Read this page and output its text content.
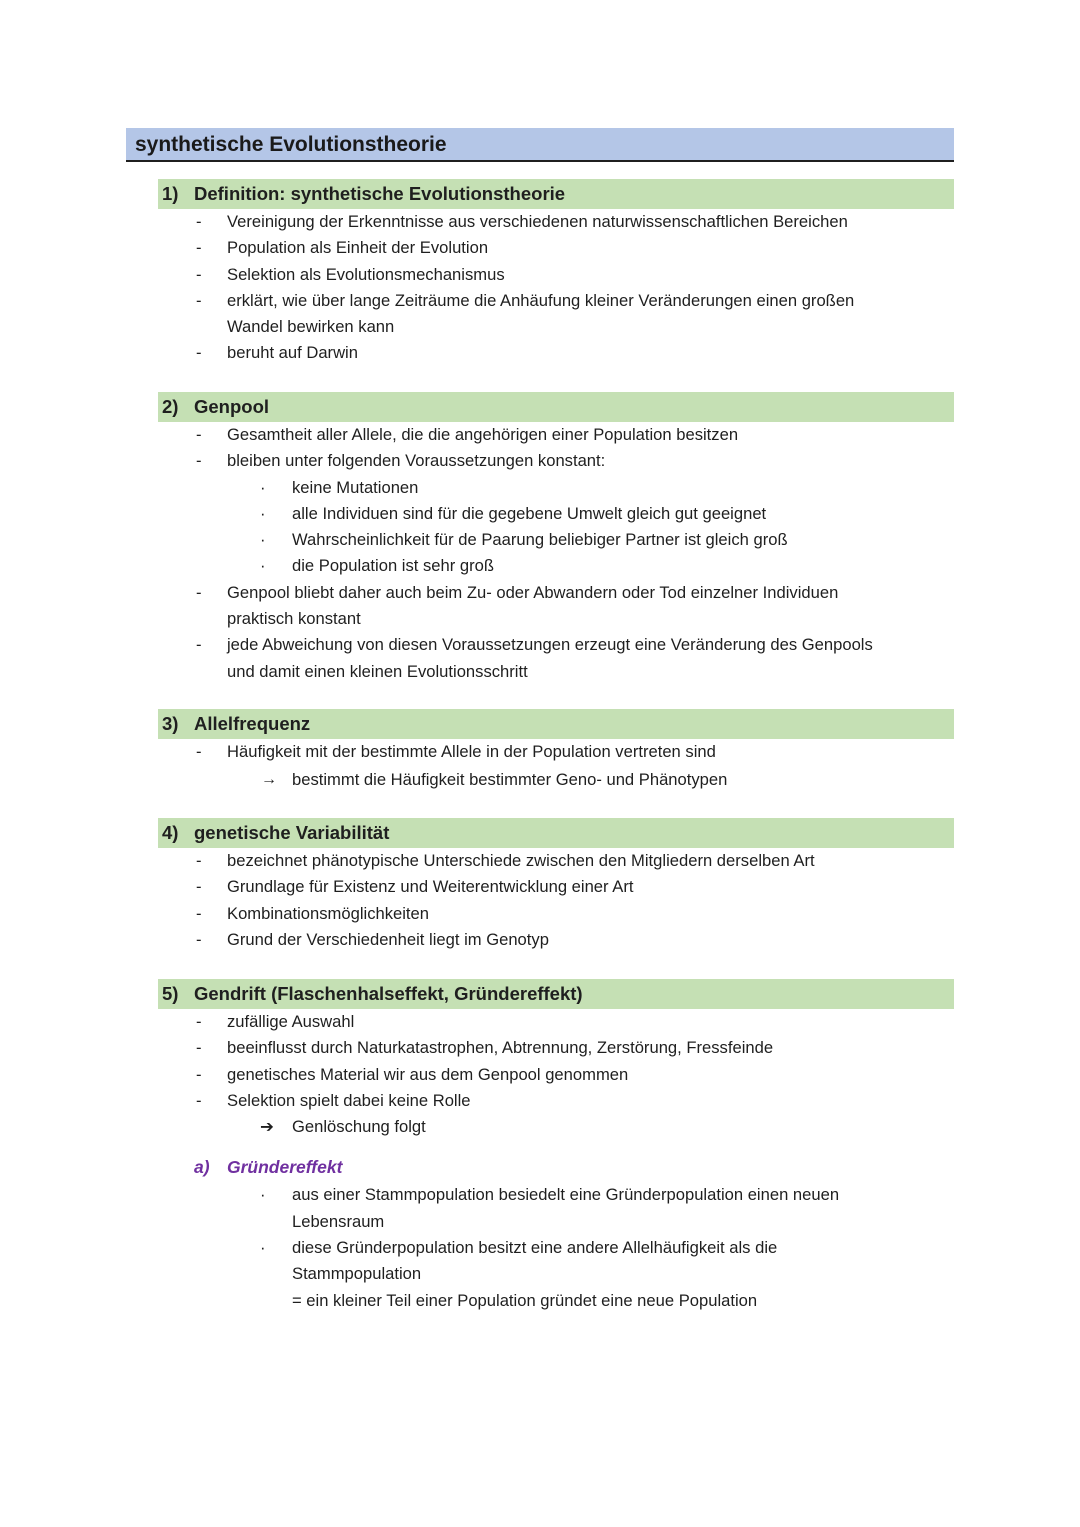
synthetische Evolutionstheorie
1) Definition: synthetische Evolutionstheorie
- Vereinigung der Erkenntnisse aus verschiedenen naturwissenschaftlichen Bereichen
- Population als Einheit der Evolution
- Selektion als Evolutionsmechanismus
- erklärt, wie über lange Zeiträume die Anhäufung kleiner Veränderungen einen großen
Wandel bewirken kann
- beruht auf Darwin
2) Genpool
- Gesamtheit aller Allele, die die angehörigen einer Population besitzen
- bleiben unter folgenden Voraussetzungen konstant:
· keine Mutationen
· alle Individuen sind für die gegebene Umwelt gleich gut geeignet
· Wahrscheinlichkeit für de Paarung beliebiger Partner ist gleich groß
· die Population ist sehr groß
- Genpool bliebt daher auch beim Zu- oder Abwandern oder Tod einzelner Individuen
praktisch konstant
- jede Abweichung von diesen Voraussetzungen erzeugt eine Veränderung des Genpools
und damit einen kleinen Evolutionsschritt
3) Allelfrequenz
- Häufigkeit mit der bestimmte Allele in der Population vertreten sind
→ bestimmt die Häufigkeit bestimmter Geno- und Phänotypen
4) genetische Variabilität
- bezeichnet phänotypische Unterschiede zwischen den Mitgliedern derselben Art
- Grundlage für Existenz und Weiterentwicklung einer Art
- Kombinationsmöglichkeiten
- Grund der Verschiedenheit liegt im Genotyp
5) Gendrift (Flaschenhalseffekt, Gründereffekt)
- zufällige Auswahl
- beeinflusst durch Naturkatastrophen, Abtrennung, Zerstörung, Fressfeinde
- genetisches Material wir aus dem Genpool genommen
- Selektion spielt dabei keine Rolle
➔ Genlöschung folgt
a) Gründereffekt
· aus einer Stammpopulation besiedelt eine Gründerpopulation einen neuen
Lebensraum
· diese Gründerpopulation besitzt eine andere Allelhäufigkeit als die
Stammpopulation
= ein kleiner Teil einer Population gründet eine neue Population
